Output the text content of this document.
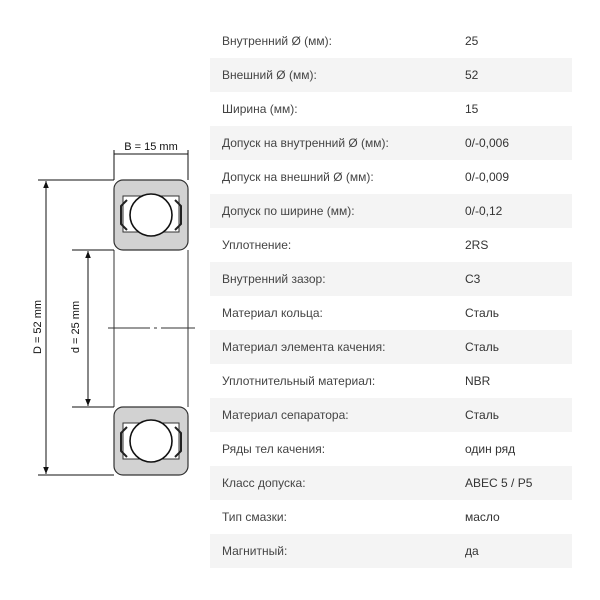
B = 15 mm
D = 52 mm d = 25 mm
Внутренний Ø (мм):	25
Внешний Ø (мм):	52
Ширина (мм):	15
Допуск на внутренний Ø (мм):	0/-0,006
Допуск на внешний Ø (мм):	0/-0,009
Допуск по ширине (мм):	0/-0,12
Уплотнение:	2RS
Внутренний зазор:	C3
Материал кольца:	Сталь
Материал элемента качения:	Сталь
Уплотнительный материал:	NBR
Материал сепаратора:	Сталь
Ряды тел качения:	один ряд
Класс допуска:	ABEC 5 / P5
Тип смазки:	масло
Магнитный:	да
